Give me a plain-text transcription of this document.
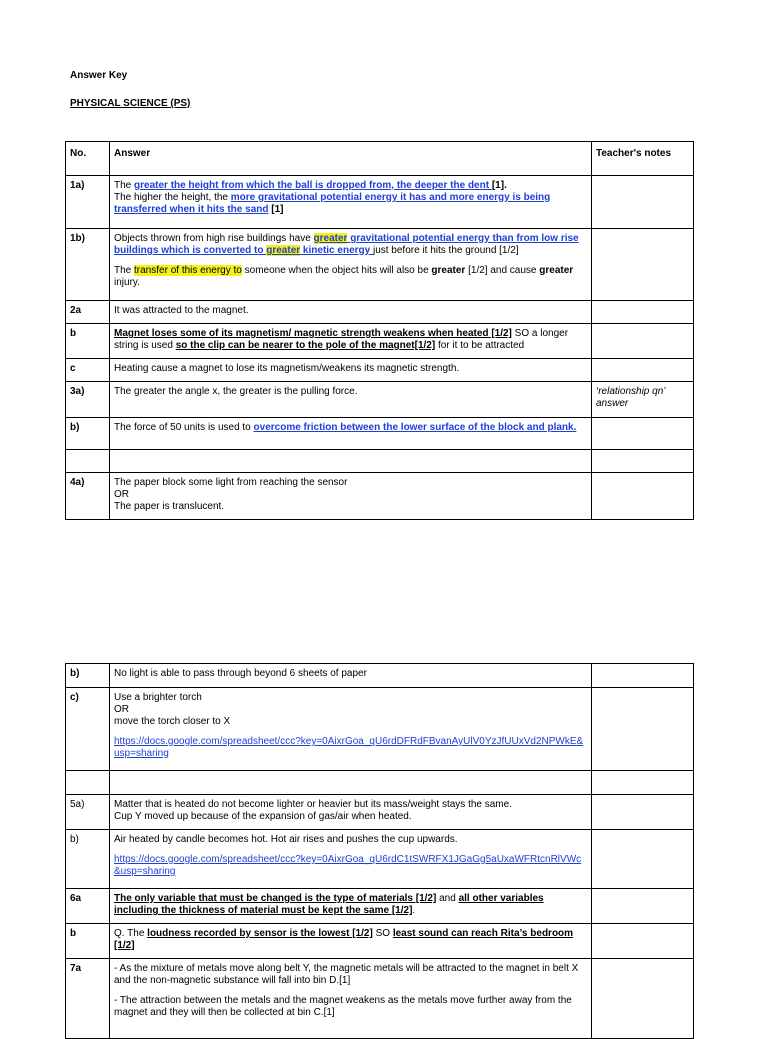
Answer Key
PHYSICAL SCIENCE (PS)
No.	Answer	Teacher's notes
1a)	The greater the height from which the ball is dropped from, the deeper the dent [1].
The higher the height, the more gravitational potential energy it has and more energy is being transferred when it hits the sand [1]	
1b)	Objects thrown from high rise buildings have greater gravitational potential energy than from low rise buildings which is converted to greater kinetic energy just before it hits the ground [1/2]

The transfer of this energy to someone when the object hits will also be greater [1/2] and cause greater injury.	

2a	It was attracted to the magnet.	
b	Magnet loses some of its magnetism/ magnetic strength weakens when heated [1/2] SO a longer string is used so the clip can be nearer to the pole of the magnet[1/2] for it to be attracted	
c	Heating cause a magnet to lose its magnetism/weakens its magnetic strength.	
3a)	The greater the angle x, the greater is the pulling force.	‘relationship qn’ answer
b)	The force of 50 units is used to overcome friction between the lower surface of the block and plank.	

4a)	The paper block some light from reaching the sensor

OR

The paper is translucent.	

b)	No light is able to pass through beyond 6 sheets of paper	
c)	Use a brighter torch

OR

move the torch closer to X

https://docs.google.com/spreadsheet/ccc?key=0AixrGoa_qU6rdDFRdFBvanAyUlV0YzJfUUxVd2NPWkE&usp=sharing	

5a)	Matter that is heated do not become lighter or heavier but its mass/weight stays the same.

Cup Y moved up because of the expansion of gas/air when heated.	

b)	Air heated by candle becomes hot. Hot air rises and pushes the cup upwards.

https://docs.google.com/spreadsheet/ccc?key=0AixrGoa_qU6rdC1tSWRFX1JGaGg5aUxaWFRtcnRlVWc&usp=sharing	

6a	The only variable that must be changed is the type of materials [1/2] and all other variables including the thickness of material must be kept the same [1/2].	
b	Q. The loudness recorded by sensor is the lowest [1/2] SO least sound can reach Rita’s bedroom [1/2]	
7a	- As the mixture of metals move along belt Y, the magnetic metals will be attracted to the magnet in belt X and the non-magnetic substance will fall into bin D.[1]

- The attraction between the metals and the magnet weakens as the metals move further away from the magnet and they will then be collected at bin C.[1]	
